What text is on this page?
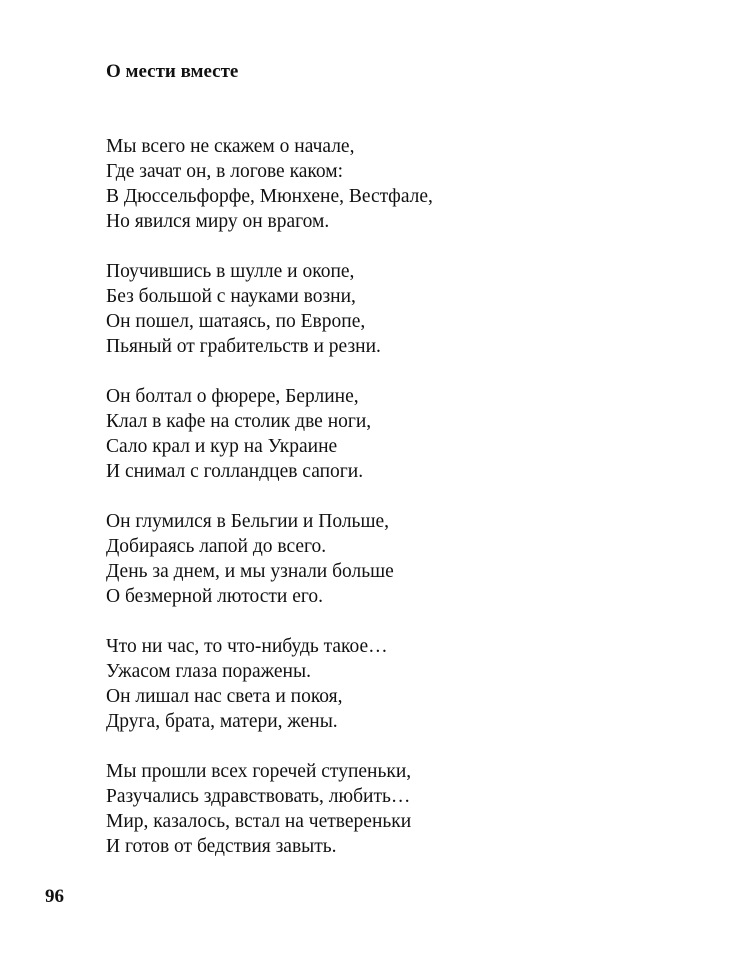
О мести вместе
Мы всего не скажем о начале,
Где зачат он, в логове каком:
В Дюссельфорфе, Мюнхене, Вестфале,
Но явился миру он врагом.
Поучившись в шулле и окопе,
Без большой с науками возни,
Он пошел, шатаясь, по Европе,
Пьяный от грабительств и резни.
Он болтал о фюрере, Берлине,
Клал в кафе на столик две ноги,
Сало крал и кур на Украине
И снимал с голландцев сапоги.
Он глумился в Бельгии и Польше,
Добираясь лапой до всего.
День за днем, и мы узнали больше
О безмерной лютости его.
Что ни час, то что-нибудь такое…
Ужасом глаза поражены.
Он лишал нас света и покоя,
Друга, брата, матери, жены.
Мы прошли всех горечей ступеньки,
Разучались здравствовать, любить…
Мир, казалось, встал на четвереньки
И готов от бедствия завыть.
96
